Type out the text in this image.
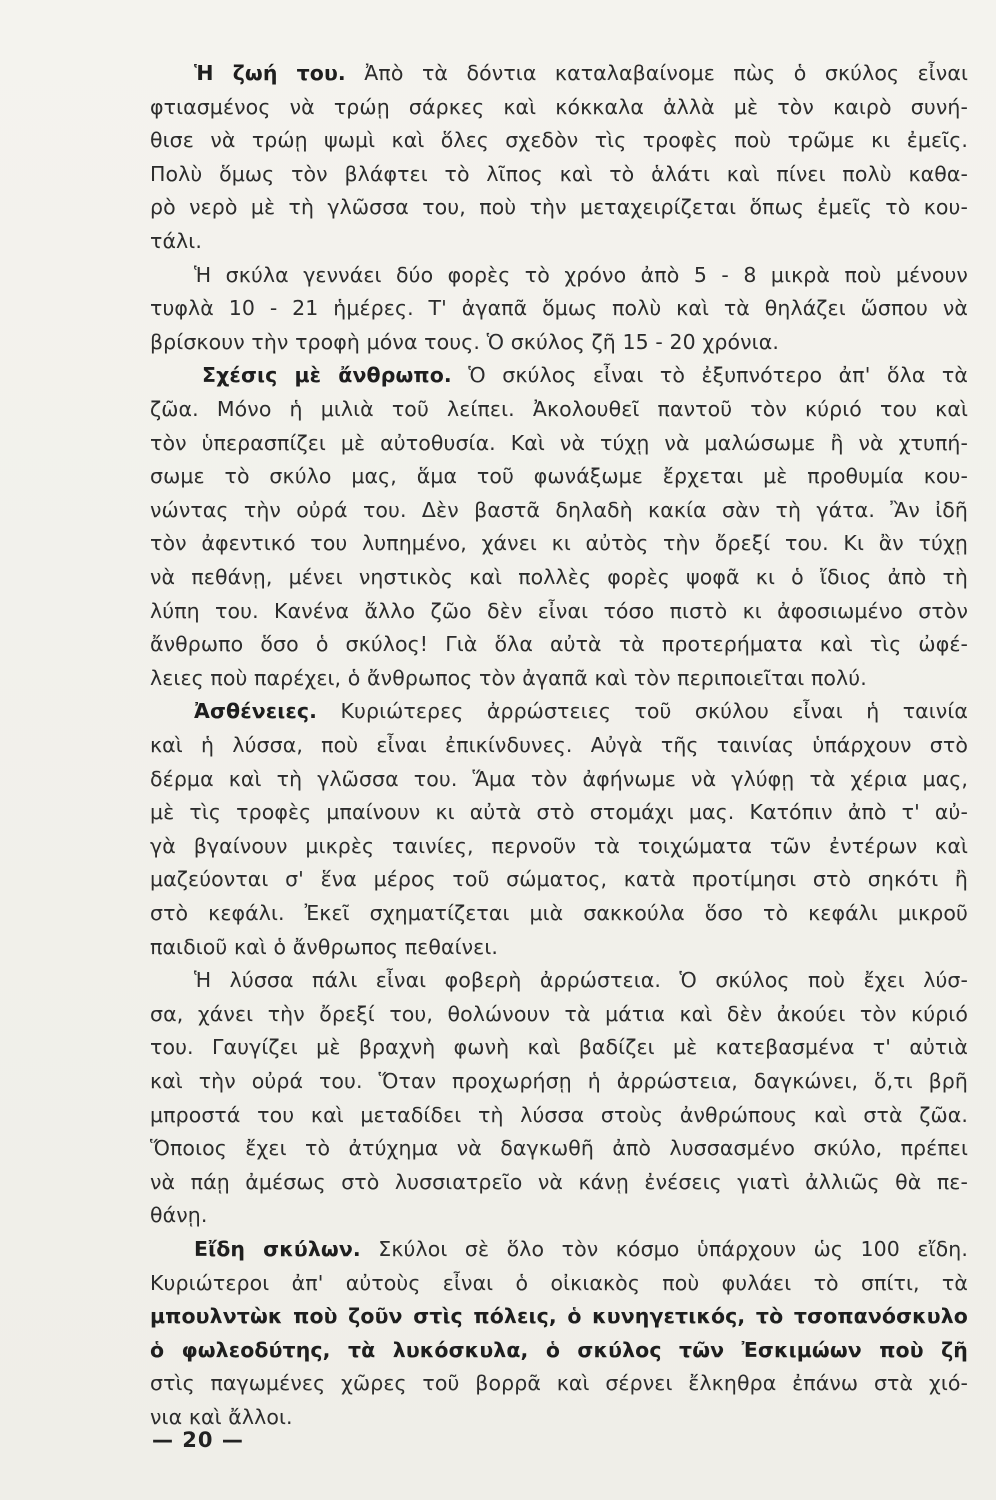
Ἡ ζωή του. Ἀπὸ τὰ δόντια καταλαβαίνομε πὼς ὁ σκύλος εἶναι
φτιασμένος νὰ τρώῃ σάρκες καὶ κόκκαλα ἀλλὰ μὲ τὸν καιρὸ συνή-
θισε νὰ τρώῃ ψωμὶ καὶ ὅλες σχεδὸν τὶς τροφὲς ποὺ τρῶμε κι ἐμεῖς.
Πολὺ ὅμως τὸν βλάφτει τὸ λῖπος καὶ τὸ ἁλάτι καὶ πίνει πολὺ καθα-
ρὸ νερὸ μὲ τὴ γλῶσσα του, ποὺ τὴν μεταχειρίζεται ὅπως ἐμεῖς τὸ κου-
τάλι.
Ἡ σκύλα γεννάει δύο φορὲς τὸ χρόνο ἀπὸ 5 - 8 μικρὰ ποὺ μένουν
τυφλὰ 10 - 21 ἡμέρες. Τ' ἀγαπᾶ ὅμως πολὺ καὶ τὰ θηλάζει ὥσπου νὰ
βρίσκουν τὴν τροφὴ μόνα τους. Ὁ σκύλος ζῆ 15 - 20 χρόνια.
Σχέσις μὲ ἄνθρωπο. Ὁ σκύλος εἶναι τὸ ἐξυπνότερο ἀπ' ὅλα τὰ
ζῶα. Μόνο ἡ μιλιὰ τοῦ λείπει. Ἀκολουθεῖ παντοῦ τὸν κύριό του καὶ
τὸν ὑπερασπίζει μὲ αὐτοθυσία. Καὶ νὰ τύχῃ νὰ μαλώσωμε ἢ νὰ χτυπή-
σωμε τὸ σκύλο μας, ἅμα τοῦ φωνάξωμε ἔρχεται μὲ προθυμία κου-
νώντας τὴν οὐρά του. Δὲν βαστᾶ δηλαδὴ κακία σὰν τὴ γάτα. Ἂν ἰδῆ
τὸν ἀφεντικό του λυπημένο, χάνει κι αὐτὸς τὴν ὄρεξί του. Κι ἂν τύχῃ
νὰ πεθάνῃ, μένει νηστικὸς καὶ πολλὲς φορὲς ψοφᾶ κι ὁ ἴδιος ἀπὸ τὴ
λύπη του. Κανένα ἄλλο ζῶο δὲν εἶναι τόσο πιστὸ κι ἀφοσιωμένο στὸν
ἄνθρωπο ὅσο ὁ σκύλος! Γιὰ ὅλα αὐτὰ τὰ προτερήματα καὶ τὶς ὠφέ-
λειες ποὺ παρέχει, ὁ ἄνθρωπος τὸν ἀγαπᾶ καὶ τὸν περιποιεῖται πολύ.
Ἀσθένειες. Κυριώτερες ἀρρώστειες τοῦ σκύλου εἶναι ἡ ταινία
καὶ ἡ λύσσα, ποὺ εἶναι ἐπικίνδυνες. Αὐγὰ τῆς ταινίας ὑπάρχουν στὸ
δέρμα καὶ τὴ γλῶσσα του. Ἅμα τὸν ἀφήνωμε νὰ γλύφῃ τὰ χέρια μας,
μὲ τὶς τροφὲς μπαίνουν κι αὐτὰ στὸ στομάχι μας. Κατόπιν ἀπὸ τ' αὐ-
γὰ βγαίνουν μικρὲς ταινίες, περνοῦν τὰ τοιχώματα τῶν ἐντέρων καὶ
μαζεύονται σ' ἕνα μέρος τοῦ σώματος, κατὰ προτίμησι στὸ σηκότι ἢ
στὸ κεφάλι. Ἐκεῖ σχηματίζεται μιὰ σακκούλα ὅσο τὸ κεφάλι μικροῦ
παιδιοῦ καὶ ὁ ἄνθρωπος πεθαίνει.
Ἡ λύσσα πάλι εἶναι φοβερὴ ἀρρώστεια. Ὁ σκύλος ποὺ ἔχει λύσ-
σα, χάνει τὴν ὄρεξί του, θολώνουν τὰ μάτια καὶ δὲν ἀκούει τὸν κύριό
του. Γαυγίζει μὲ βραχνὴ φωνὴ καὶ βαδίζει μὲ κατεβασμένα τ' αὐτιὰ
καὶ τὴν οὐρά του. Ὅταν προχωρήσῃ ἡ ἀρρώστεια, δαγκώνει, ὅ,τι βρῆ
μπροστά του καὶ μεταδίδει τὴ λύσσα στοὺς ἀνθρώπους καὶ στὰ ζῶα.
Ὅποιος ἔχει τὸ ἀτύχημα νὰ δαγκωθῆ ἀπὸ λυσσασμένο σκύλο, πρέπει
νὰ πάῃ ἀμέσως στὸ λυσσιατρεῖο νὰ κάνῃ ἐνέσεις γιατὶ ἀλλιῶς θὰ πε-
θάνῃ.
Εἴδη σκύλων. Σκύλοι σὲ ὅλο τὸν κόσμο ὑπάρχουν ὡς 100 εἴδη.
Κυριώτεροι ἀπ' αὐτοὺς εἶναι ὁ οἰκιακὸς ποὺ φυλάει τὸ σπίτι, τὰ
μπουλντὼκ ποὺ ζοῦν στὶς πόλεις, ὁ κυνηγετικός, τὸ τσοπανόσκυλο
ὁ φωλεοδύτης, τὰ λυκόσκυλα, ὁ σκύλος τῶν Ἐσκιμώων ποὺ ζῆ
στὶς παγωμένες χῶρες τοῦ βορρᾶ καὶ σέρνει ἔλκηθρα ἐπάνω στὰ χιό-
νια καὶ ἄλλοι.
— 20 —
